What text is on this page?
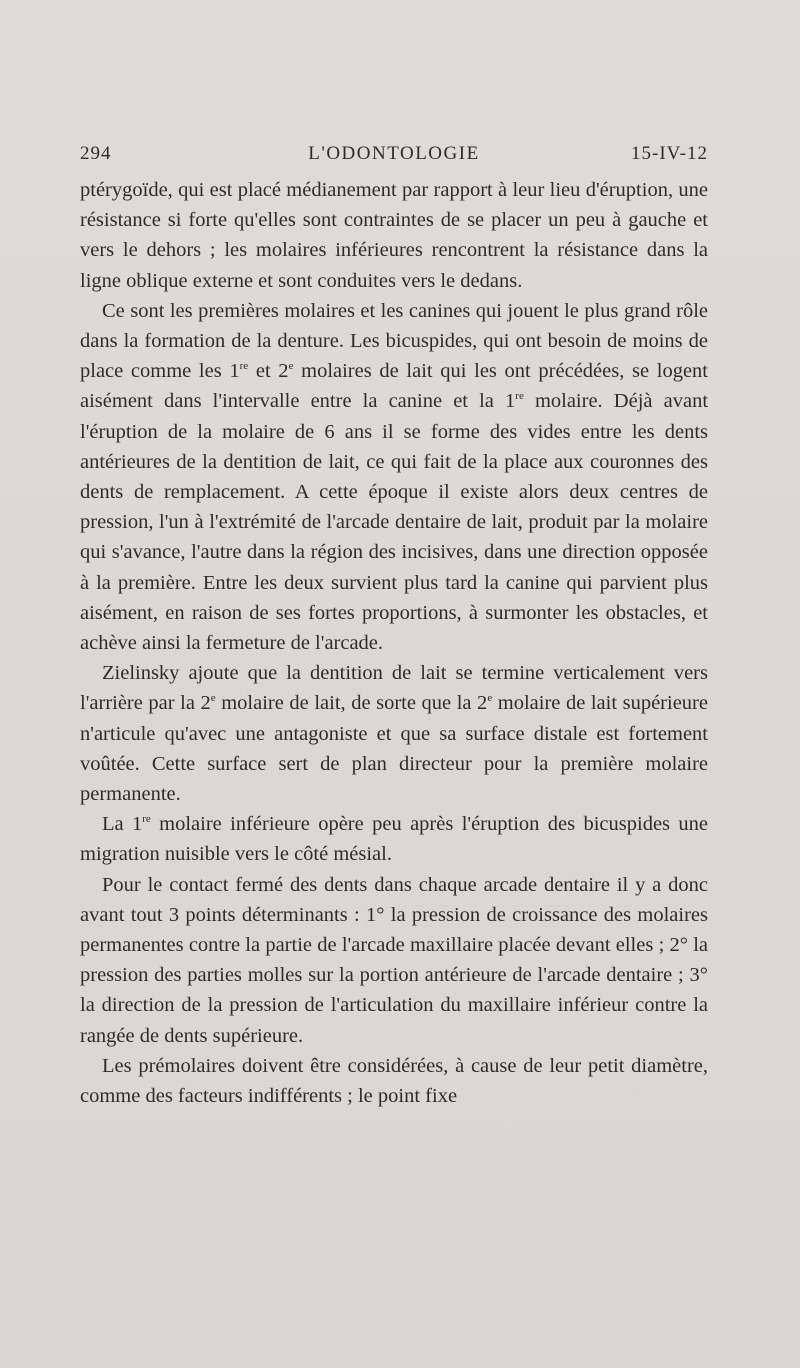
294	L'ODONTOLOGIE	15-IV-12

ptérygoïde, qui est placé médianement par rapport à leur lieu d'éruption, une résistance si forte qu'elles sont contraintes de se placer un peu à gauche et vers le dehors ; les molaires inférieures rencontrent la résistance dans la ligne oblique externe et sont conduites vers le dedans.

Ce sont les premières molaires et les canines qui jouent le plus grand rôle dans la formation de la denture. Les bicuspides, qui ont besoin de moins de place comme les 1re et 2e molaires de lait qui les ont précédées, se logent aisément dans l'intervalle entre la canine et la 1re molaire. Déjà avant l'éruption de la molaire de 6 ans il se forme des vides entre les dents antérieures de la dentition de lait, ce qui fait de la place aux couronnes des dents de remplacement. A cette époque il existe alors deux centres de pression, l'un à l'extrémité de l'arcade dentaire de lait, produit par la molaire qui s'avance, l'autre dans la région des incisives, dans une direction opposée à la première. Entre les deux survient plus tard la canine qui parvient plus aisément, en raison de ses fortes proportions, à surmonter les obstacles, et achève ainsi la fermeture de l'arcade.

Zielinsky ajoute que la dentition de lait se termine verticalement vers l'arrière par la 2e molaire de lait, de sorte que la 2e molaire de lait supérieure n'articule qu'avec une antagoniste et que sa surface distale est fortement voûtée. Cette surface sert de plan directeur pour la première molaire permanente.

La 1re molaire inférieure opère peu après l'éruption des bicuspides une migration nuisible vers le côté mésial.

Pour le contact fermé des dents dans chaque arcade dentaire il y a donc avant tout 3 points déterminants : 1° la pression de croissance des molaires permanentes contre la partie de l'arcade maxillaire placée devant elles ; 2° la pression des parties molles sur la portion antérieure de l'arcade dentaire ; 3° la direction de la pression de l'articulation du maxillaire inférieur contre la rangée de dents supérieure.

Les prémolaires doivent être considérées, à cause de leur petit diamètre, comme des facteurs indifférents ; le point fixe
